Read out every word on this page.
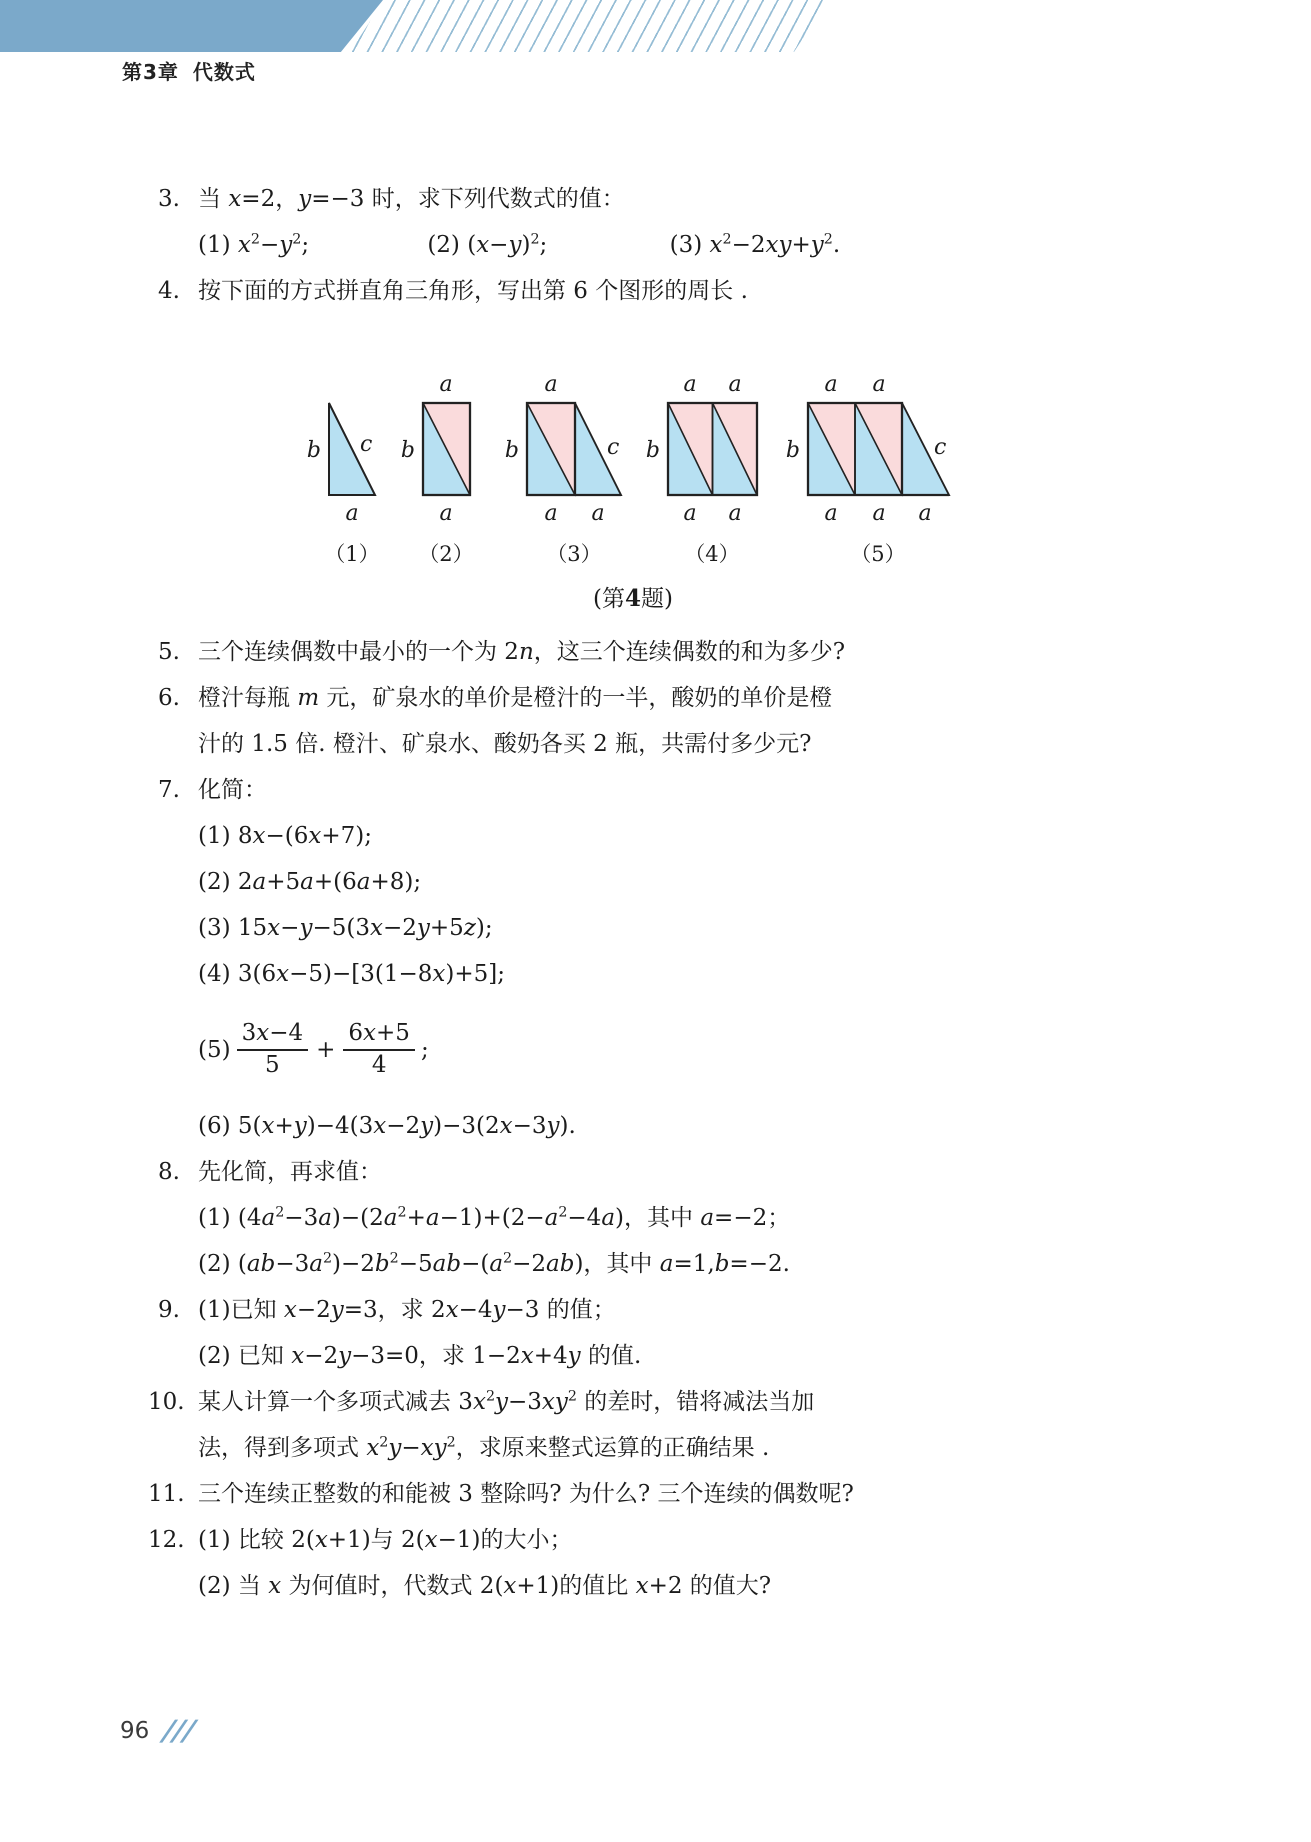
第3章 代数式
3. 当 x=2，y=−3 时，求下列代数式的值：
(1) $x^2-y^2$;	(2) $(x-y)^2$;	(3) $x^2-2xy+y^2$.
4. 按下面的方式拼直角三角形，写出第 6 个图形的周长 .
b c
a
a
b
a
a
b
a a
c
a a
b
a a
a a
b
a a a
c
（1） （2）	（3）	（4）	（5）
(第4题)
5. 三个连续偶数中最小的一个为 2n，这三个连续偶数的和为多少?
6. 橙汁每瓶 m 元，矿泉水的单价是橙汁的一半，酸奶的单价是橙
汁的 1.5 倍. 橙汁、矿泉水、酸奶各买 2 瓶，共需付多少元?
7. 化简：
(1) 8x−(6x+7);
(2) 2a+5a+(6a+8);
(3) 15x−y−5(3x−2y+5z);
(4) 3(6x−5)−[3(1−8x)+5];
$(5) \frac{3x-4}{5} + \frac{6x+5}{4}$ ;
(6) 5(x+y)−4(3x−2y)−3(2x−3y).
8. 先化简，再求值：
(1) $(4a^2-3a)-(2a^2+a-1)+(2-a^2-4a)$，其中 a=−2；
(2) $(ab-3a^2)-2b^2-5ab-(a^2-2ab)$，其中 a=1,b=−2.
9. (1)已知 x−2y=3，求 2x−4y−3 的值；
(2) 已知 x−2y−3=0，求 1−2x+4y 的值.
10. 某人计算一个多项式减去 $3x^2y-3xy^2$ 的差时，错将减法当加
法，得到多项式 $x^2y-xy^2$，求原来整式运算的正确结果 .
11. 三个连续正整数的和能被 3 整除吗? 为什么? 三个连续的偶数呢?
12. (1) 比较 2(x+1)与 2(x−1)的大小；
(2) 当 x 为何值时，代数式 2(x+1)的值比 x+2 的值大?
96 ///
